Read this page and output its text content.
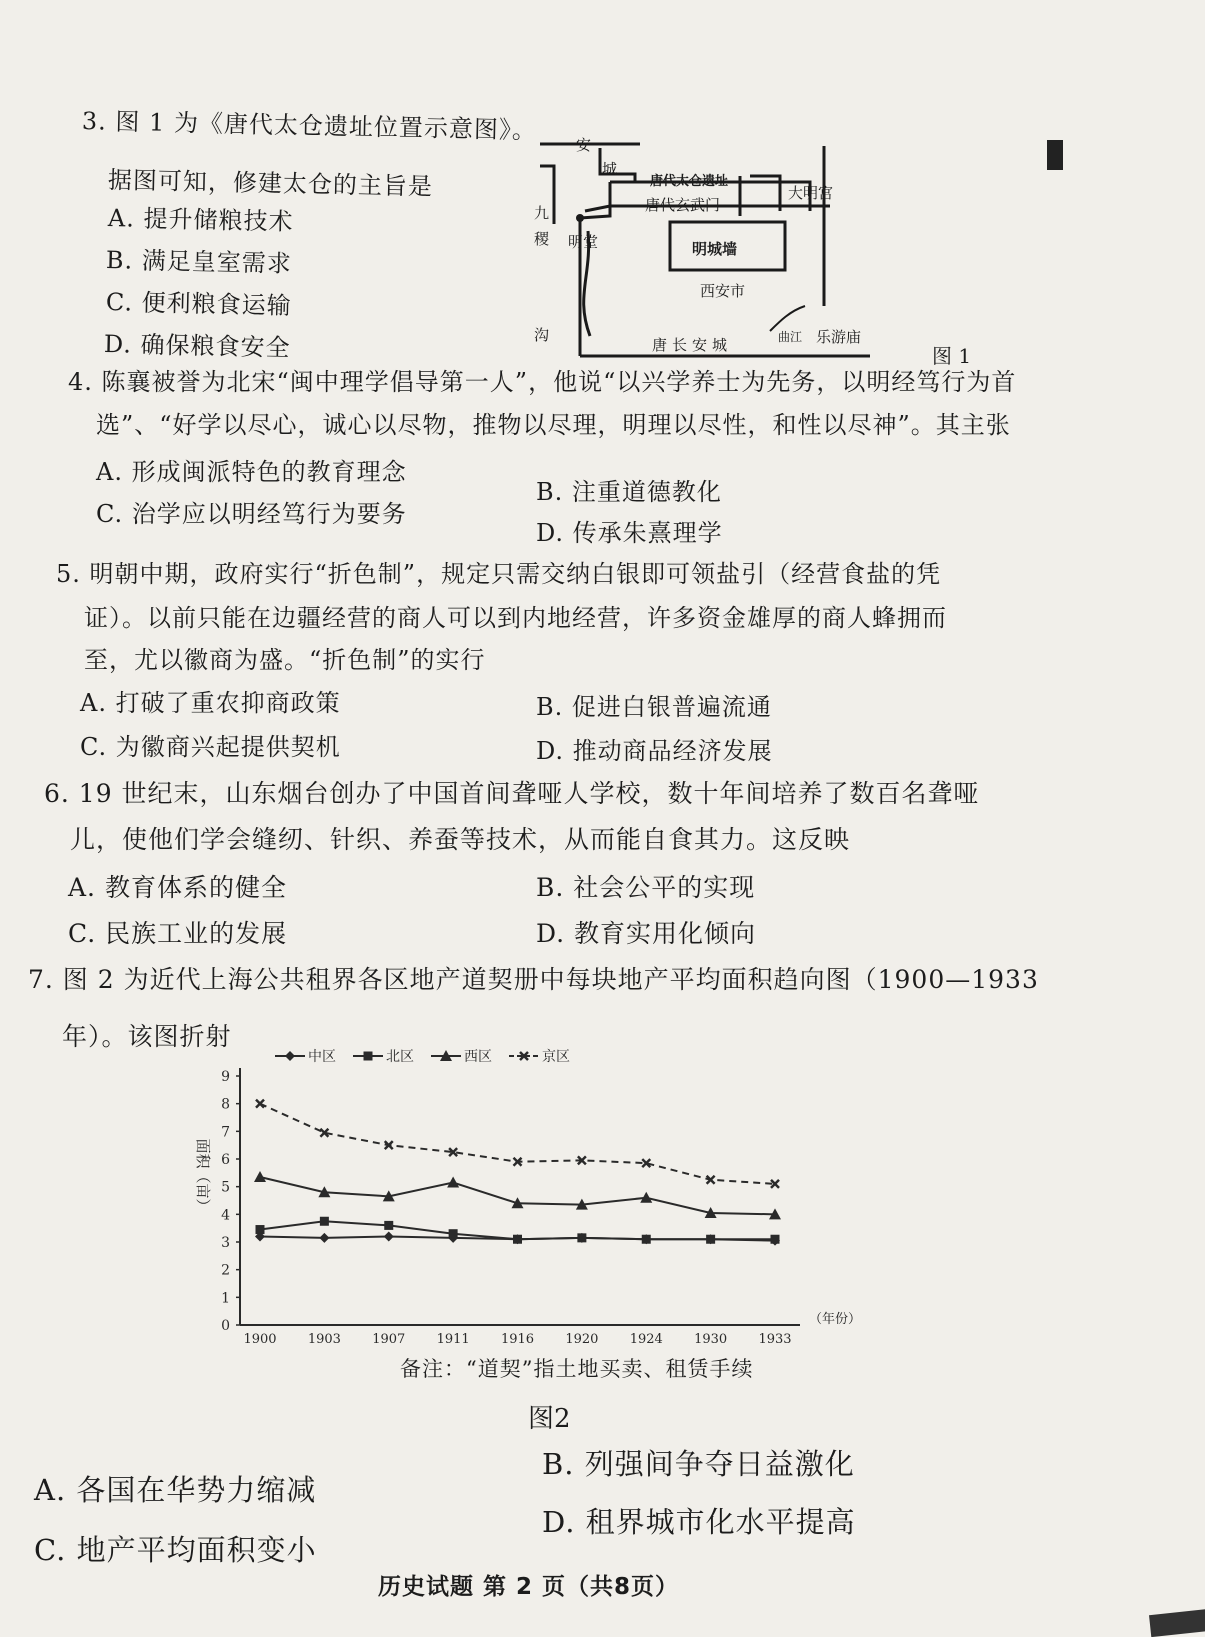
3. 图 1 为《唐代太仓遗址位置示意图》。
据图可知，修建太仓的主旨是
A. 提升储粮技术
B. 满足皇室需求
C. 便利粮食运输
D. 确保粮食安全
安
城
唐代太仓遗址
大明宫
唐代玄武门
九
稷 明堂	明城墙
西安市
沟
唐长安城	曲江 乐游庙
图 1
4. 陈襄被誉为北宋“闽中理学倡导第一人”，他说“以兴学养士为先务，以明经笃行为首
选”、“好学以尽心，诚心以尽物，推物以尽理，明理以尽性，和性以尽神”。其主张
A. 形成闽派特色的教育理念
B. 注重道德教化
C. 治学应以明经笃行为要务
D. 传承朱熹理学
5. 明朝中期，政府实行“折色制”，规定只需交纳白银即可领盐引（经营食盐的凭
证）。以前只能在边疆经营的商人可以到内地经营，许多资金雄厚的商人蜂拥而
至，尤以徽商为盛。“折色制”的实行
A. 打破了重农抑商政策	B. 促进白银普遍流通
C. 为徽商兴起提供契机	D. 推动商品经济发展
6. 19 世纪末，山东烟台创办了中国首间聋哑人学校，数十年间培养了数百名聋哑
儿，使他们学会缝纫、针织、养蚕等技术，从而能自食其力。这反映
A. 教育体系的健全	B. 社会公平的实现
C. 民族工业的发展	D. 教育实用化倾向
7. 图 2 为近代上海公共租界各区地产道契册中每块地产平均面积趋向图（1900—1933
年）。该图折射
0
1
2
3
4
5
6
7
8
9
1900 1903 1907 1911 1916 1920 1924 1930 1933
中区	北区	西区	京区
面积（亩）
（年份）
备注：“道契”指土地买卖、租赁手续
图2
A. 各国在华势力缩减
B. 列强间争夺日益激化
C. 地产平均面积变小
D. 租界城市化水平提高
历史试题 第 2 页（共8页）
